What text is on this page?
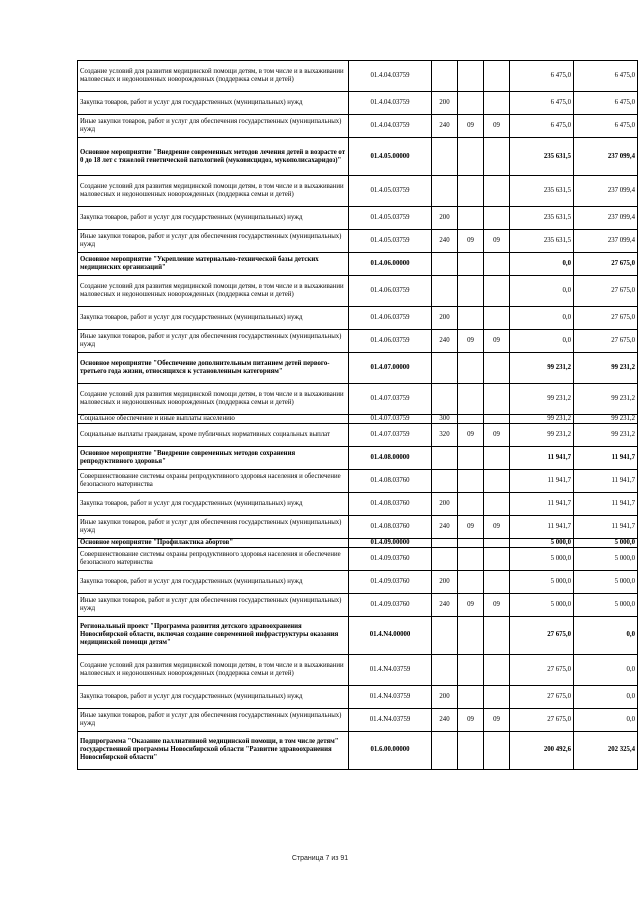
Создание условий для развития медицинской помощи детям, в том числе и в выхаживании маловесных и недоношенных новорожденных (поддержка семьи и детей)	01.4.04.03759				6 475,0	6 475,0
Закупка товаров, работ и услуг для государственных (муниципальных) нужд	01.4.04.03759	200			6 475,0	6 475,0
Иные закупки товаров, работ и услуг для обеспечения государственных (муниципальных) нужд	01.4.04.03759	240	09	09	6 475,0	6 475,0
Основное мероприятие "Внедрение современных методов лечения детей в возрасте от 0 до 18 лет с тяжелой генетической патологией (муковисцидоз, мукополисахаридоз)"	01.4.05.00000				235 631,5	237 099,4
Создание условий для развития медицинской помощи детям, в том числе и в выхаживании маловесных и недоношенных новорожденных (поддержка семьи и детей)	01.4.05.03759				235 631,5	237 099,4
Закупка товаров, работ и услуг для государственных (муниципальных) нужд	01.4.05.03759	200			235 631,5	237 099,4
Иные закупки товаров, работ и услуг для обеспечения государственных (муниципальных) нужд	01.4.05.03759	240	09	09	235 631,5	237 099,4
Основное мероприятие "Укрепление материально-технической базы детских медицинских организаций"	01.4.06.00000				0,0	27 675,0
Создание условий для развития медицинской помощи детям, в том числе и в выхаживании маловесных и недоношенных новорожденных (поддержка семьи и детей)	01.4.06.03759				0,0	27 675,0
Закупка товаров, работ и услуг для государственных (муниципальных) нужд	01.4.06.03759	200			0,0	27 675,0
Иные закупки товаров, работ и услуг для обеспечения государственных (муниципальных) нужд	01.4.06.03759	240	09	09	0,0	27 675,0
Основное мероприятие "Обеспечение дополнительным питанием детей первого-третьего года жизни, относящихся к установленным категориям"	01.4.07.00000				99 231,2	99 231,2
Создание условий для развития медицинской помощи детям, в том числе и в выхаживании маловесных и недоношенных новорожденных (поддержка семьи и детей)	01.4.07.03759				99 231,2	99 231,2
Социальное обеспечение и иные выплаты населению	01.4.07.03759	300			99 231,2	99 231,2
Социальные выплаты гражданам, кроме публичных нормативных социальных выплат	01.4.07.03759	320	09	09	99 231,2	99 231,2
Основное мероприятие "Внедрение современных методов сохранения репродуктивного здоровья"	01.4.08.00000				11 941,7	11 941,7
Совершенствование системы охраны репродуктивного здоровья населения и обеспечение безопасного материнства	01.4.08.03760				11 941,7	11 941,7
Закупка товаров, работ и услуг для государственных (муниципальных) нужд	01.4.08.03760	200			11 941,7	11 941,7
Иные закупки товаров, работ и услуг для обеспечения государственных (муниципальных) нужд	01.4.08.03760	240	09	09	11 941,7	11 941,7
Основное мероприятие "Профилактика абортов"	01.4.09.00000				5 000,0	5 000,0
Совершенствование системы охраны репродуктивного здоровья населения и обеспечение безопасного материнства	01.4.09.03760				5 000,0	5 000,0
Закупка товаров, работ и услуг для государственных (муниципальных) нужд	01.4.09.03760	200			5 000,0	5 000,0
Иные закупки товаров, работ и услуг для обеспечения государственных (муниципальных) нужд	01.4.09.03760	240	09	09	5 000,0	5 000,0
Региональный проект "Программа развития детского здравоохранения Новосибирской области, включая создание современной инфраструктуры оказания медицинской помощи детям"	01.4.N4.00000				27 675,0	0,0
Создание условий для развития медицинской помощи детям, в том числе и в выхаживании маловесных и недоношенных новорожденных (поддержка семьи и детей)	01.4.N4.03759				27 675,0	0,0
Закупка товаров, работ и услуг для государственных (муниципальных) нужд	01.4.N4.03759	200			27 675,0	0,0
Иные закупки товаров, работ и услуг для обеспечения государственных (муниципальных) нужд	01.4.N4.03759	240	09	09	27 675,0	0,0
Подпрограмма "Оказание паллиативной медицинской помощи, в том числе детям" государственной программы Новосибирской области "Развитие здравоохранения Новосибирской области"	01.6.00.00000				200 492,6	202 325,4
Страница 7 из 91
